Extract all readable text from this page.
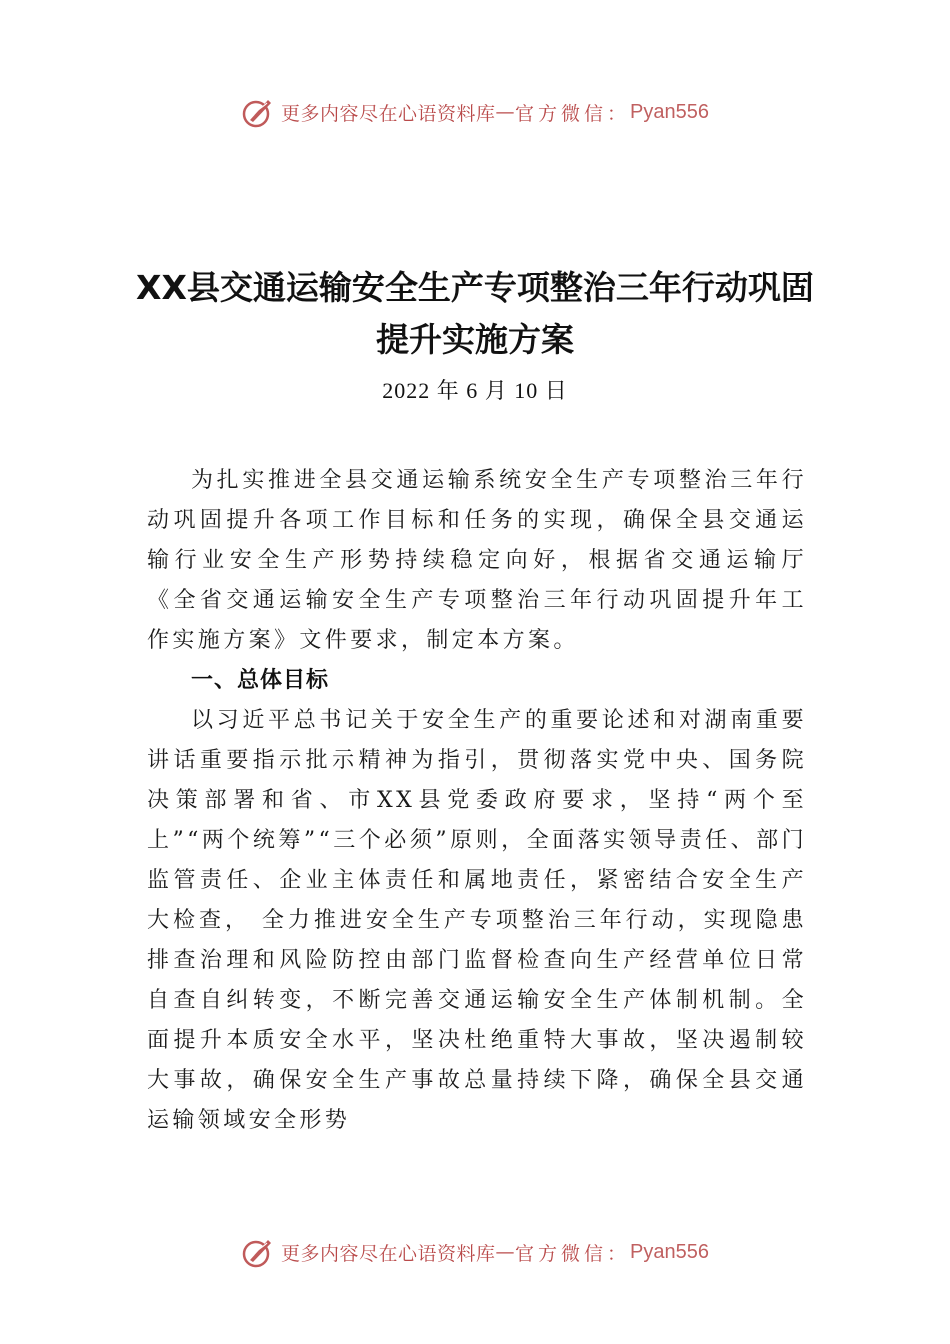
更多内容尽在心语资料库 — 官方微信： Pyan556
XX县交通运输安全生产专项整治三年行动巩固提升实施方案
2022 年 6 月 10 日

为扎实推进全县交通运输系统安全生产专项整治三年行动巩固提升各项工作目标和任务的实现，确保全县交通运输行业安全生产形势持续稳定向好，根据省交通运输厅《全省交通运输安全生产专项整治三年行动巩固提升年工作实施方案》文件要求，制定本方案。

一、总体目标

以习近平总书记关于安全生产的重要论述和对湖南重要讲话重要指示批示精神为指引，贯彻落实党中央、国务院决策部署和省、市XX县党委政府要求，坚持“两个至上”“两个统筹”“三个必须”原则，全面落实领导责任、部门监管责任、企业主体责任和属地责任，紧密结合安全生产大检查， 全力推进安全生产专项整治三年行动，实现隐患排查治理和风险防控由部门监督检查向生产经营单位日常自查自纠转变，不断完善交通运输安全生产体制机制。全面提升本质安全水平，坚决杜绝重特大事故，坚决遏制较大事故，确保安全生产事故总量持续下降，确保全县交通运输领域安全形势

更多内容尽在心语资料库 — 官方微信： Pyan556
